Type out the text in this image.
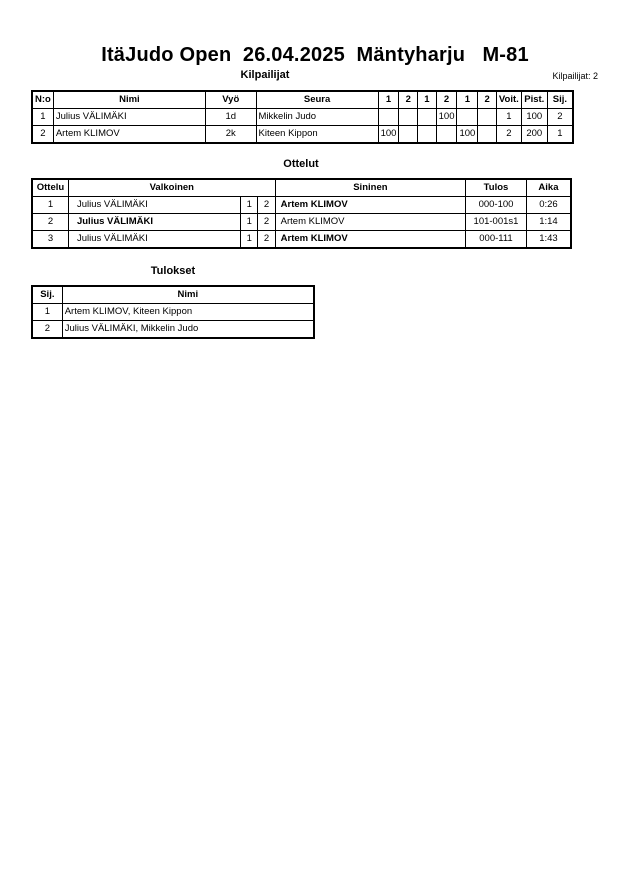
ItäJudo Open  26.04.2025  Mäntyharju   M-81
Kilpailijat	Kilpailijat: 2
N:o	Nimi	Vyö	Seura	1	2	1	2	1	2	Voit.	Pist.	Sij.
1	Julius VÄLIMÄKI	1d	Mikkelin Judo				100			1	100	2
2	Artem KLIMOV	2k	Kiteen Kippon	100				100		2	200	1
Ottelut
Ottelu	Valkoinen			Sininen	Tulos	Aika
1	Julius VÄLIMÄKI	1	2	Artem KLIMOV	000-100	0:26
2	Julius VÄLIMÄKI	1	2	Artem KLIMOV	101-001s1	1:14
3	Julius VÄLIMÄKI	1	2	Artem KLIMOV	000-111	1:43
Tulokset
Sij.	Nimi
1	Artem KLIMOV, Kiteen Kippon
2	Julius VÄLIMÄKI, Mikkelin Judo
